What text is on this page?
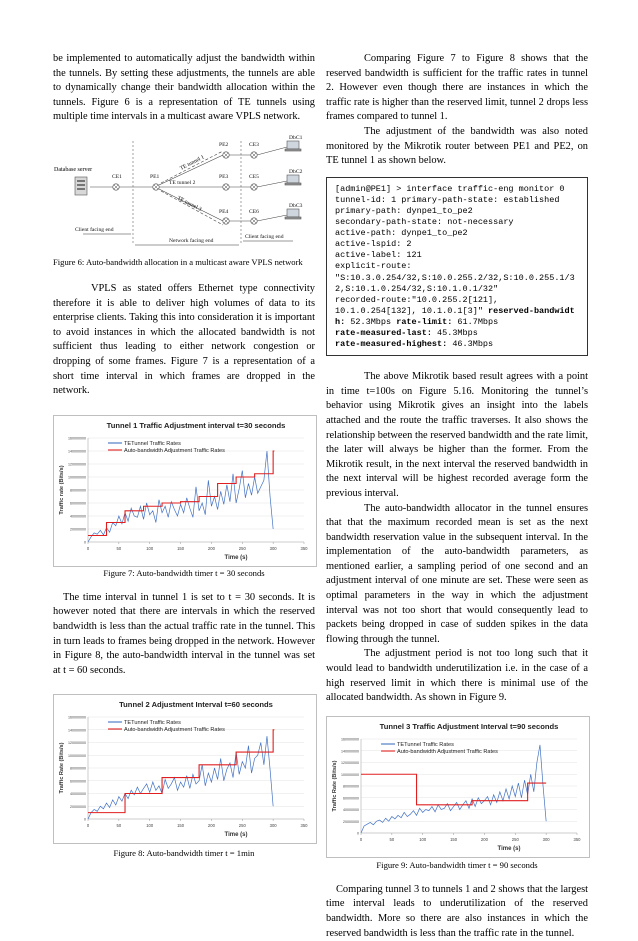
be implemented to automatically adjust the bandwidth within the tunnels. By setting these adjustments, the tunnels are able to dynamically change their bandwidth allocation within the tunnels. Figure 6 is a representation of TE tunnels using multiple time intervals in a multicast aware VPLS network.

Database server
CE1	PE1
PE2
PE3
PE4
CE3
CE5
CE6
DbC1
DbC2
DbC3
TE tunnel 2
Client facing end
Network facing end
Client facing end
TE tunnel 1
TE tunnel 3

Figure 6: Auto-bandwidth allocation in a multicast aware VPLS network

VPLS as stated offers Ethernet type connectivity therefore it is able to deliver high volumes of data to its enterprise clients. Taking this into consideration it is important to avoid instances in which the allocated bandwidth is not sufficient thus leading to either network congestion or dropping of some frames. Figure 7 is a representation of a short time interval in which frames are dropped in the network.

Tunnel 1 Traffic Adjustment interval t=30 seconds
0
20000000
40000000
60000000
80000000
100000000
120000000
140000000
160000000
0	50	100	150	200	250	300	350
Time (s)
Traffic rate (Bits/s)
TETunnel Traffic Rates
Auto-bandwidth Adjustment Traffic Rates

Figure 7: Auto-bandwidth timer t = 30 seconds

The time interval in tunnel 1 is set to t = 30 seconds. It is however noted that there are intervals in which the reserved bandwidth is less than the actual traffic rate in the tunnel. This in turn leads to frames being dropped in the network. However in Figure 8, the auto-bandwidth interval in the tunnel was set at t = 60 seconds.

Tunnel 2 Adjustment Interval t=60 seconds
0
20000000
40000000
60000000
80000000
100000000
120000000
140000000
160000000
0	50	100	150	200	250	300	350
Time (s)
Traffic Rate (Bits/s)
TETunnel Traffic Rates
Auto-bandwidth Adjustment Traffic Rates

Figure 8: Auto-bandwidth timer t = 1min

Comparing Figure 7 to Figure 8 shows that the reserved bandwidth is sufficient for the traffic rates in tunnel 2. However even though there are instances in which the traffic rate is higher than the reserved limit, tunnel 2 drops less frames compared to tunnel 1.

The adjustment of the bandwidth was also noted monitored by the Mikrotik router between PE1 and PE2, on TE tunnel 1 as shown below.

[admin@PE1] > interface traffic-eng monitor 0
tunnel-id: 1 primary-path-state: established
primary-path: dynpe1_to_pe2
secondary-path-state: not-necessary
active-path: dynpe1_to_pe2
active-lspid: 2
active-label: 121
explicit-route:
"S:10.3.0.254/32,S:10.0.255.2/32,S:10.0.255.1/32,S:10.1.0.254/32,S:10.1.0.1/32"
recorded-route:"10.0.255.2[121],
10.1.0.254[132], 10.1.0.1[3]" reserved-bandwidth: 52.3Mbps rate-limit: 61.7Mbps
rate-measured-last: 45.3Mbps
rate-measured-highest: 46.3Mbps

The above Mikrotik based result agrees with a point in time t=100s on Figure 5.16. Monitoring the tunnel’s behavior using Mikrotik gives an insight into the labels attached and the route the traffic traverses. It also shows the relationship between the reserved bandwidth and the rate limit, the later will always be higher than the former. From the Mikrotik result, in the next interval the reserved bandwidth in the next interval will be highest recorded average form the previous interval.

The auto-bandwidth allocator in the tunnel ensures that that the maximum recorded mean is set as the next bandwidth reservation value in the subsequent interval. In the implementation of the auto-bandwidth parameters, as mentioned earlier, a sampling period of one second and an adjustment interval of one minute are set. These were seen as optimal parameters in the way in which the adjustment interval was not too short that would consequently lead to packets being dropped in case of sudden spikes in the data flowing through the tunnel.

The adjustment period is not too long such that it would lead to bandwidth underutilization i.e. in the case of a high reserved limit in which there is minimal use of the allocated bandwidth. As shown in Figure 9.

Tunnel 3 Traffic Adjustment Interval t=90 seconds
0
20000000
40000000
60000000
80000000
100000000
120000000
140000000
160000000
0	50	100	150	200	250	300	350
Time (s)
Traffic Rate (Bits/s)
TETunnel Traffic Rates
Auto-bandwidth Adjustment Traffic Rates

Figure 9: Auto-bandwidth timer t = 90 seconds

Comparing tunnel 3 to tunnels 1 and 2 shows that the largest time interval leads to underutilization of the reserved bandwidth. More so there are also instances in which the reserved bandwidth is less than the traffic rate in the tunnel.
